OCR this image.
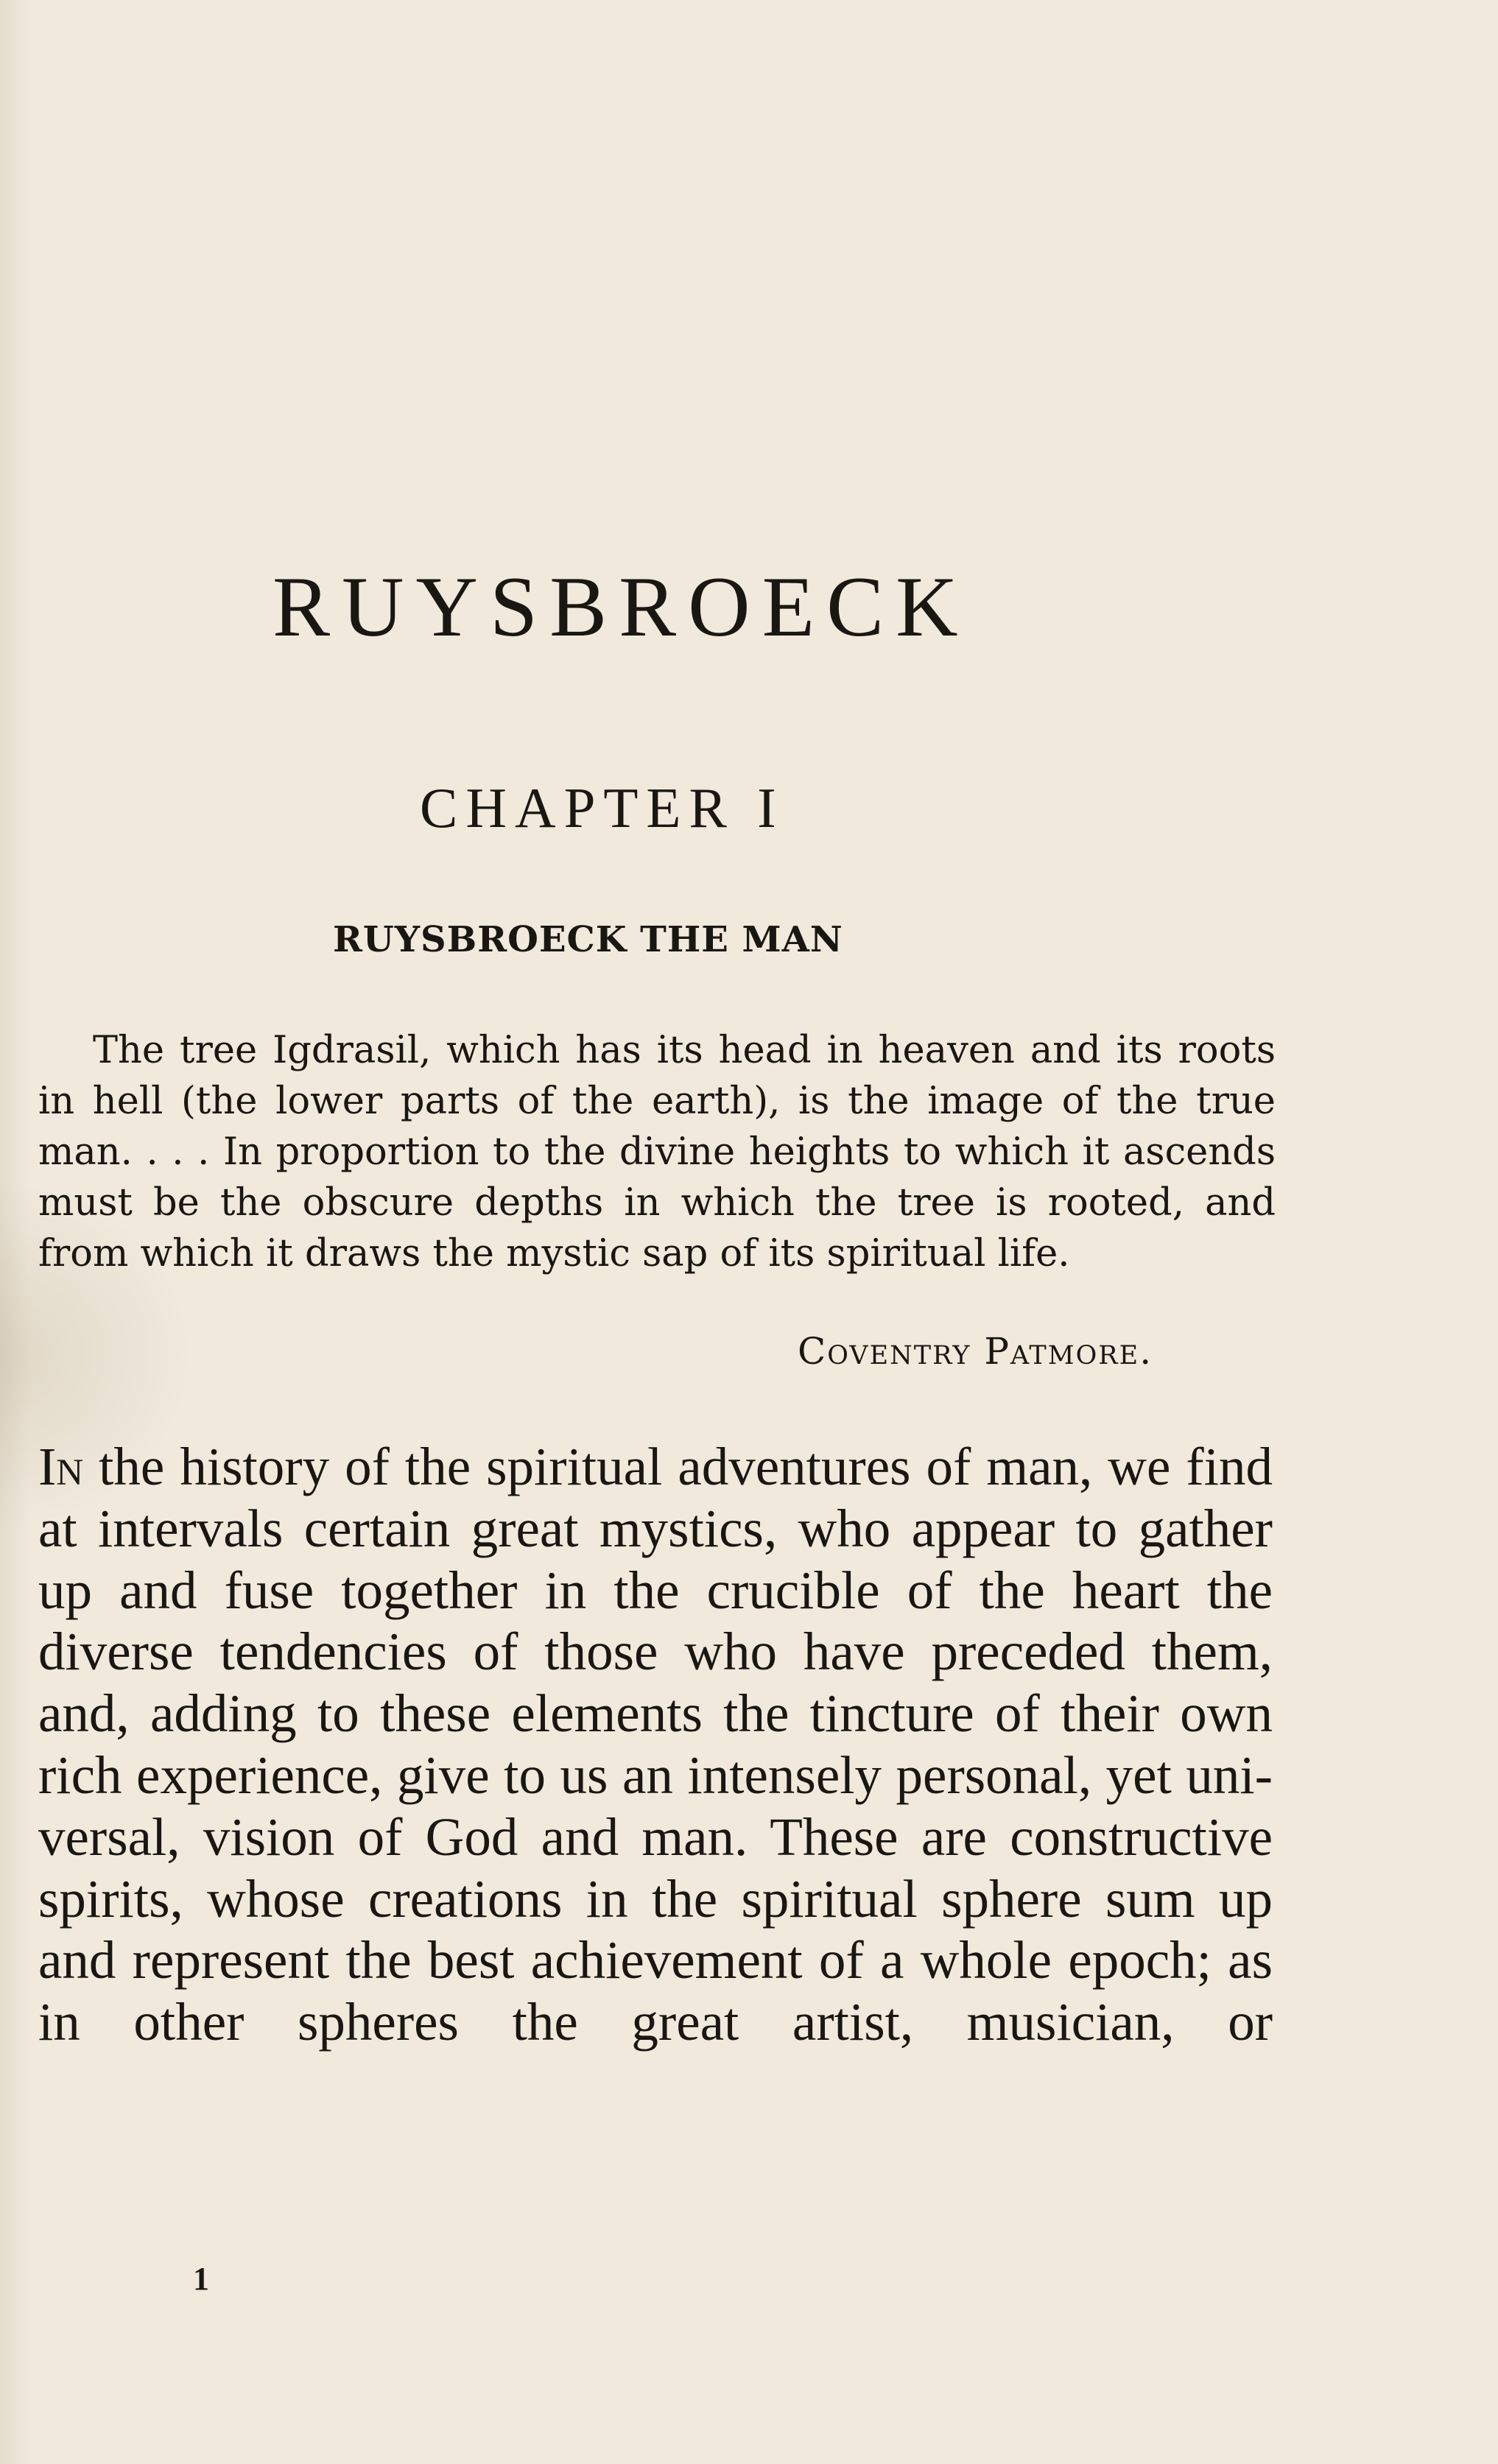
RUYSBROECK
CHAPTER I
RUYSBROECK THE MAN

The tree Igdrasil, which has its head in heaven and its roots in hell (the lower parts of the earth), is the image of the true man. . . . In proportion to the divine heights to which it ascends must be the obscure depths in which the tree is rooted, and from which it draws the mystic sap of its spiritual life.

Coventry Patmore.

In the history of the spiritual adventures of man, we find at intervals certain great mystics, who appear to gather up and fuse together in the crucible of the heart the diverse tendencies of those who have preceded them, and, adding to these elements the tincture of their own rich experience, give to us an intensely personal, yet universal, vision of God and man. These are constructive spirits, whose creations in the spiritual sphere sum up and represent the best achievement of a whole epoch; as in other spheres the great artist, musician, or

1
